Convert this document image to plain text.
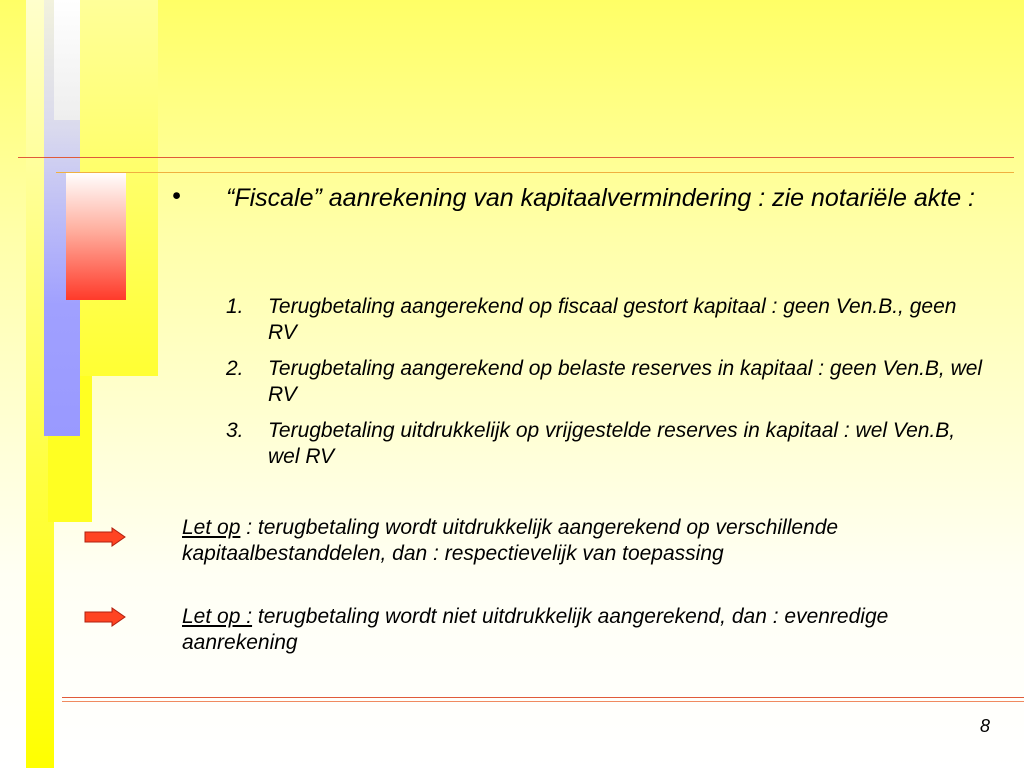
• “Fiscale” aanrekening van kapitaalvermindering : zie notariële akte :
1. Terugbetaling aangerekend op fiscaal gestort kapitaal : geen Ven.B., geen RV
2. Terugbetaling aangerekend op belaste reserves in kapitaal : geen Ven.B, wel RV
3. Terugbetaling uitdrukkelijk op vrijgestelde reserves in kapitaal : wel Ven.B, wel RV
Let op : terugbetaling wordt uitdrukkelijk aangerekend op verschillende kapitaalbestanddelen, dan : respectievelijk van toepassing
Let op : terugbetaling wordt niet uitdrukkelijk aangerekend, dan : evenredige aanrekening
8
